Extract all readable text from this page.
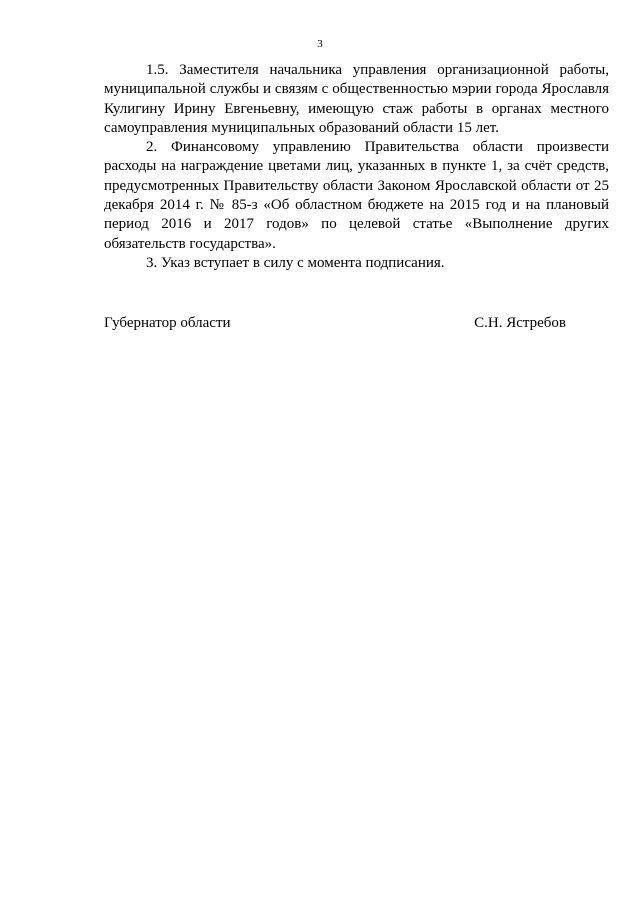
3

1.5. Заместителя начальника управления организационной работы, муниципальной службы и связям с общественностью мэрии города Ярославля Кулигину Ирину Евгеньевну, имеющую стаж работы в органах местного самоуправления муниципальных образований области 15 лет.

2. Финансовому управлению Правительства области произвести расходы на награждение цветами лиц, указанных в пункте 1, за счёт средств, предусмотренных Правительству области Законом Ярославской области от 25 декабря 2014 г. № 85-з «Об областном бюджете на 2015 год и на плановый период 2016 и 2017 годов» по целевой статье «Выполнение других обязательств государства».

3. Указ вступает в силу с момента подписания.

Губернатор области	С.Н. Ястребов
